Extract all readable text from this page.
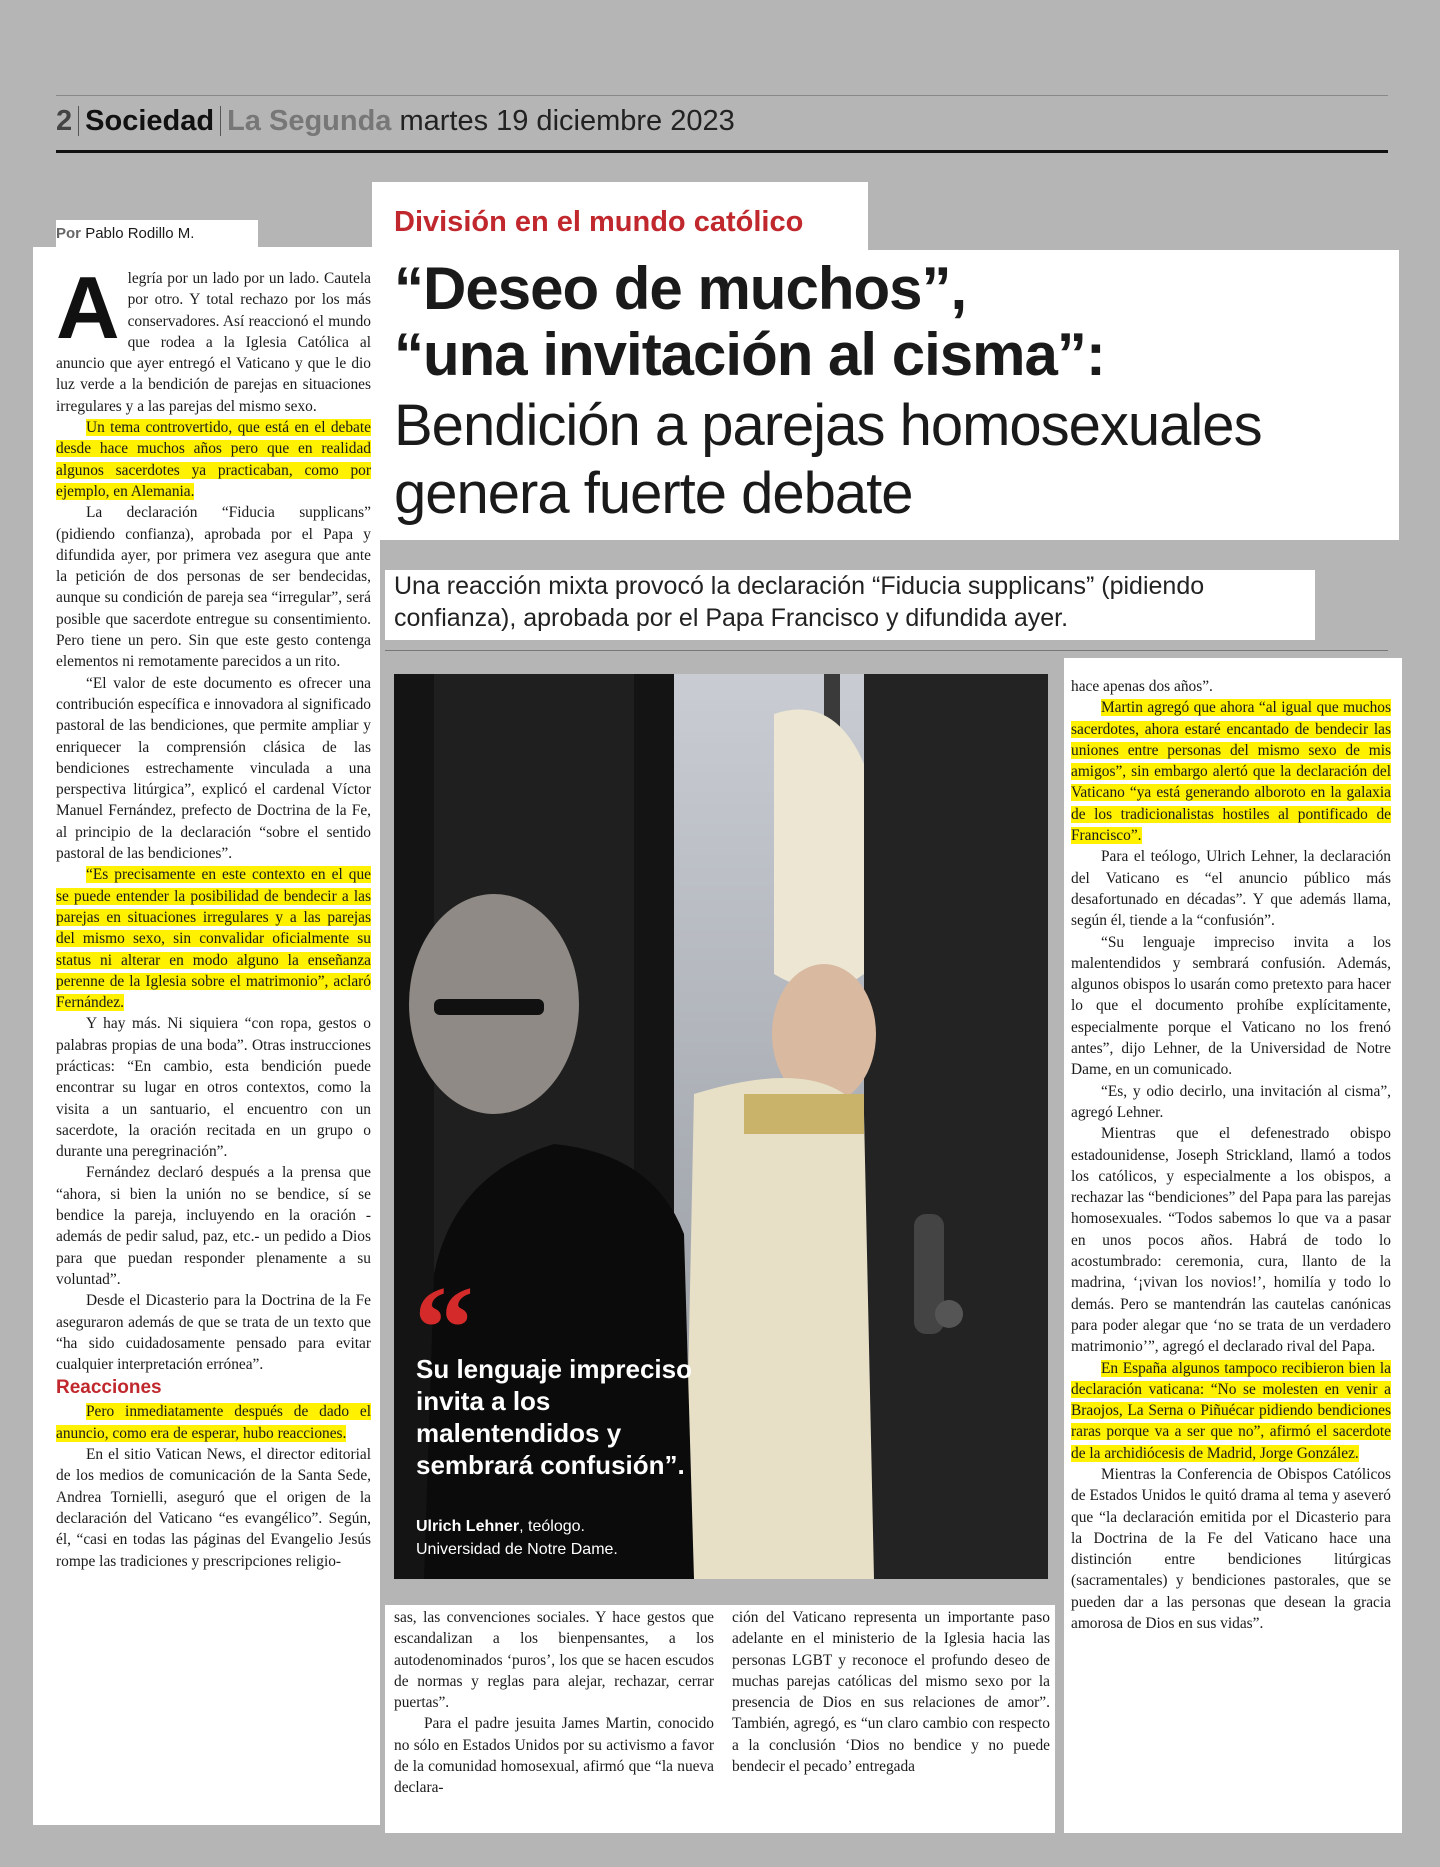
2 Sociedad La Segunda martes 19 diciembre 2023
Por Pablo Rodillo M.	División en el mundo católico
“Deseo de muchos”,
“una invitación al cisma”:
Bendición a parejas homosexuales
genera fuerte debate
Una reacción mixta provocó la declaración “Fiducia supplicans” (pidiendo
confianza), aprobada por el Papa Francisco y difundida ayer.

Alegría por un lado por un lado. Cautela por otro. Y total rechazo por los más conservadores. Así reaccionó el mundo que rodea a la Iglesia Católica al anuncio que ayer entregó el Vaticano y que le dio luz verde a la bendición de parejas en situaciones irregulares y a las parejas del mismo sexo.

Un tema controvertido, que está en el debate desde hace muchos años pero que en realidad algunos sacerdotes ya practicaban, como por ejemplo, en Alemania.

La declaración “Fiducia supplicans” (pidiendo confianza), aprobada por el Papa y difundida ayer, por primera vez asegura que ante la petición de dos personas de ser bendecidas, aunque su condición de pareja sea “irregular”, será posible que sacerdote entregue su consentimiento. Pero tiene un pero. Sin que este gesto contenga elementos ni remotamente parecidos a un rito.

“El valor de este documento es ofrecer una contribución específica e innovadora al significado pastoral de las bendiciones, que permite ampliar y enriquecer la comprensión clásica de las bendiciones estrechamente vinculada a una perspectiva litúrgica”, explicó el cardenal Víctor Manuel Fernández, prefecto de Doctrina de la Fe, al principio de la declaración “sobre el sentido pastoral de las bendiciones”.

“Es precisamente en este contexto en el que se puede entender la posibilidad de bendecir a las parejas en situaciones irregulares y a las parejas del mismo sexo, sin convalidar oficialmente su status ni alterar en modo alguno la enseñanza perenne de la Iglesia sobre el matrimonio”, aclaró Fernández.

Y hay más. Ni siquiera “con ropa, gestos o palabras propias de una boda”. Otras instrucciones prácticas: “En cambio, esta bendición puede encontrar su lugar en otros contextos, como la visita a un santuario, el encuentro con un sacerdote, la oración recitada en un grupo o durante una peregrinación”.

Fernández declaró después a la prensa que “ahora, si bien la unión no se bendice, sí se bendice la pareja, incluyendo en la oración -además de pedir salud, paz, etc.- un pedido a Dios para que puedan responder plenamente a su voluntad”.

Desde el Dicasterio para la Doctrina de la Fe aseguraron además de que se trata de un texto que “ha sido cuidadosamente pensado para evitar cualquier interpretación errónea”.

Reacciones

Pero inmediatamente después de dado el anuncio, como era de esperar, hubo reacciones.

En el sitio Vatican News, el director editorial de los medios de comunicación de la Santa Sede, Andrea Tornielli, aseguró que el origen de la declaración del Vaticano “es evangélico”. Según, él, “casi en todas las páginas del Evangelio Jesús rompe las tradiciones y prescripciones religio-

“
Su lenguaje impreciso invita a los malentendidos y sembrará confusión”.
Ulrich Lehner, teólogo.
Universidad de Notre Dame.

sas, las convenciones sociales. Y hace gestos que escandalizan a los bienpensantes, a los autodenominados ‘puros’, los que se hacen escudos de normas y reglas para alejar, rechazar, cerrar puertas”.

Para el padre jesuita James Martin, conocido no sólo en Estados Unidos por su activismo a favor de la comunidad homosexual, afirmó que “la nueva declara-

ción del Vaticano representa un importante paso adelante en el ministerio de la Iglesia hacia las personas LGBT y reconoce el profundo deseo de muchas parejas católicas del mismo sexo por la presencia de Dios en sus relaciones de amor”. También, agregó, es “un claro cambio con respecto a la conclusión ‘Dios no bendice y no puede bendecir el pecado’ entregada

hace apenas dos años”.

Martin agregó que ahora “al igual que muchos sacerdotes, ahora estaré encantado de bendecir las uniones entre personas del mismo sexo de mis amigos”, sin embargo alertó que la declaración del Vaticano “ya está generando alboroto en la galaxia de los tradicionalistas hostiles al pontificado de Francisco”.

Para el teólogo, Ulrich Lehner, la declaración del Vaticano es “el anuncio público más desafortunado en décadas”. Y que además llama, según él, tiende a la “confusión”.

“Su lenguaje impreciso invita a los malentendidos y sembrará confusión. Además, algunos obispos lo usarán como pretexto para hacer lo que el documento prohíbe explícitamente, especialmente porque el Vaticano no los frenó antes”, dijo Lehner, de la Universidad de Notre Dame, en un comunicado.

“Es, y odio decirlo, una invitación al cisma”, agregó Lehner.

Mientras que el defenestrado obispo estadounidense, Joseph Strickland, llamó a todos los católicos, y especialmente a los obispos, a rechazar las “bendiciones” del Papa para las parejas homosexuales. “Todos sabemos lo que va a pasar en unos pocos años. Habrá de todo lo acostumbrado: ceremonia, cura, llanto de la madrina, ‘¡vivan los novios!’, homilía y todo lo demás. Pero se mantendrán las cautelas canónicas para poder alegar que ‘no se trata de un verdadero matrimonio’”, agregó el declarado rival del Papa.

En España algunos tampoco recibieron bien la declaración vaticana: “No se molesten en venir a Braojos, La Serna o Piñuécar pidiendo bendiciones raras porque va a ser que no”, afirmó el sacerdote de la archidiócesis de Madrid, Jorge González.

Mientras la Conferencia de Obispos Católicos de Estados Unidos le quitó drama al tema y aseveró que “la declaración emitida por el Dicasterio para la Doctrina de la Fe del Vaticano hace una distinción entre bendiciones litúrgicas (sacramentales) y bendiciones pastorales, que se pueden dar a las personas que desean la gracia amorosa de Dios en sus vidas”.
